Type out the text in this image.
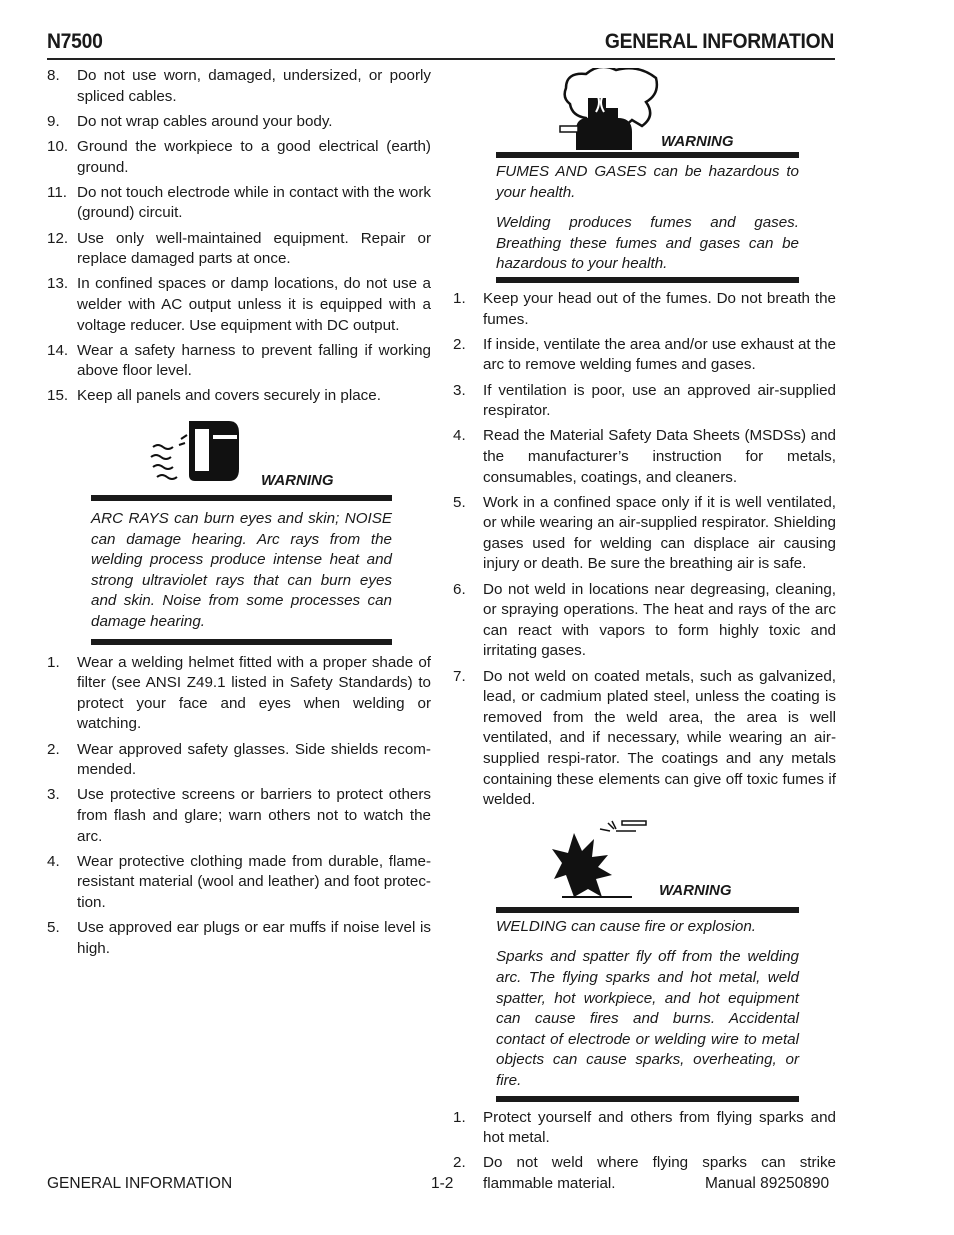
N7500	GENERAL INFORMATION
8.	Do not use worn, damaged, undersized, or poorly spliced cables.
9.	Do not wrap cables around your body.
10. Ground the workpiece to a good electrical (earth) ground.
11. Do not touch electrode while in contact with the work (ground) circuit.
12. Use only well-maintained equipment. Repair or replace damaged parts at once.
13. In confined spaces or damp locations, do not use a welder with AC output unless it is equipped with a voltage reducer. Use equipment with DC output.
14. Wear a safety harness to prevent falling if working above floor level.
15. Keep all panels and covers securely in place.
WARNING

ARC RAYS can burn eyes and skin; NOISE can damage hearing. Arc rays from the welding process produce intense heat and strong ultraviolet rays that can burn eyes and skin. Noise from some processes can damage hearing.

1.	Wear a welding helmet fitted with a proper shade of filter (see ANSI Z49.1 listed in Safety Standards) to protect your face and eyes when welding or watching.
2.	Wear approved safety glasses. Side shields recom-mended.
3.	Use protective screens or barriers to protect others from flash and glare; warn others not to watch the arc.
4.	Wear protective clothing made from durable, flame-resistant material (wool and leather) and foot protec-tion.
5.	Use approved ear plugs or ear muffs if noise level is high.
WARNING

FUMES AND GASES can be hazardous to your health.

Welding produces fumes and gases. Breathing these fumes and gases can be hazardous to your health.

1.	Keep your head out of the fumes. Do not breath the fumes.
2.	If inside, ventilate the area and/or use exhaust at the arc to remove welding fumes and gases.
3.	If ventilation is poor, use an approved air-supplied respirator.
4.	Read the Material Safety Data Sheets (MSDSs) and the manufacturer’s instruction for metals, consumables, coatings, and cleaners.
5.	Work in a confined space only if it is well ventilated, or while wearing an air-supplied respirator. Shielding gases used for welding can displace air causing injury or death. Be sure the breathing air is safe.
6.	Do not weld in locations near degreasing, cleaning, or spraying operations. The heat and rays of the arc can react with vapors to form highly toxic and irritating gases.
7.	Do not weld on coated metals, such as galvanized, lead, or cadmium plated steel, unless the coating is removed from the weld area, the area is well ventilated, and if necessary, while wearing an air-supplied respi-rator. The coatings and any metals containing these elements can give off toxic fumes if welded.
WARNING

WELDING can cause fire or explosion.

Sparks and spatter fly off from the welding arc. The flying sparks and hot metal, weld spatter, hot workpiece, and hot equipment can cause fires and burns. Accidental contact of electrode or welding wire to metal objects can cause sparks, overheating, or fire.

1.	Protect yourself and others from flying sparks and hot metal.
2.	Do not weld where flying sparks can strike flammable material.
GENERAL INFORMATION	1-2	Manual 89250890
